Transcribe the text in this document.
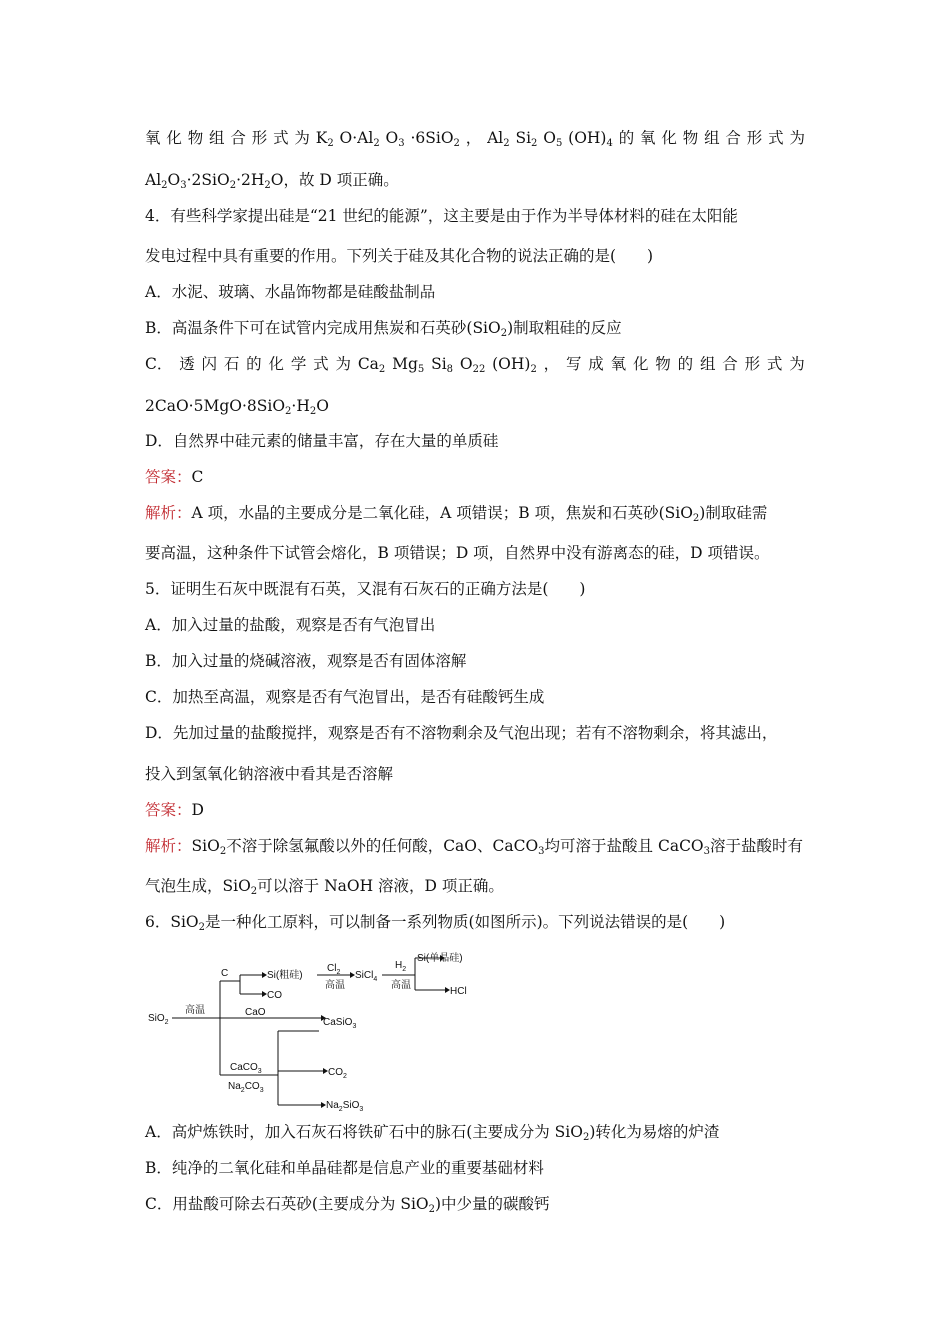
氧 化 物 组 合 形 式 为 $K_2$ $O\cdot Al_2$ $O_3 \cdot 6SiO_2$ ， $Al_2$ $Si_2$ $O_5$ $(OH)_4$ 的 氧 化 物 组 合 形 式 为
$Al_2O_3\cdot 2SiO_2\cdot 2H_2O$，故 D 项正确。
4．有些科学家提出硅是“21 世纪的能源”，这主要是由于作为半导体材料的硅在太阳能
发电过程中具有重要的作用。下列关于硅及其化合物的说法正确的是(　　)
A．水泥、玻璃、水晶饰物都是硅酸盐制品
B．高温条件下可在试管内完成用焦炭和石英砂(SiO$_2$)制取粗硅的反应
C． 透 闪 石 的 化 学 式 为 $Ca_2$ $Mg_5$ $Si_8$ $O_{22}$ $(OH)_2$ ， 写 成 氧 化 物 的 组 合 形 式 为
$2CaO\cdot 5MgO\cdot 8SiO_2\cdot H_2O$
D．自然界中硅元素的储量丰富，存在大量的单质硅
答案：C
解析：A 项，水晶的主要成分是二氧化硅，A 项错误；B 项，焦炭和石英砂(SiO$_2$)制取硅需
要高温，这种条件下试管会熔化，B 项错误；D 项，自然界中没有游离态的硅，D 项错误。
5．证明生石灰中既混有石英，又混有石灰石的正确方法是(　　)
A．加入过量的盐酸，观察是否有气泡冒出
B．加入过量的烧碱溶液，观察是否有固体溶解
C．加热至高温，观察是否有气泡冒出，是否有硅酸钙生成
D．先加过量的盐酸搅拌，观察是否有不溶物剩余及气泡出现；若有不溶物剩余，将其滤出，
投入到氢氧化钠溶液中看其是否溶解
答案：D
解析：SiO$_2$不溶于除氢氟酸以外的任何酸，CaO、CaCO$_3$均可溶于盐酸且 CaCO$_3$溶于盐酸时有
气泡生成，SiO$_2$可以溶于 NaOH 溶液，D 项正确。
6．SiO$_2$是一种化工原料，可以制备一系列物质(如图所示)。下列说法错误的是(　　)
A．高炉炼铁时，加入石灰石将铁矿石中的脉石(主要成分为 SiO$_2$)转化为易熔的炉渣
B．纯净的二氧化硅和单晶硅都是信息产业的重要基础材料
C．用盐酸可除去石英砂(主要成分为 SiO$_2$)中少量的碳酸钙
SiO$_2$
高温
C	Si(粗硅)
CO
$Cl_2$
高温
SiCl$_4$
$H_2$
高温
Si(单晶硅)
HCl
CaO
CaSiO$_3$
CaCO$_3$	$CO_2$
$Na_2CO_3$
$Na_2SiO_3$
